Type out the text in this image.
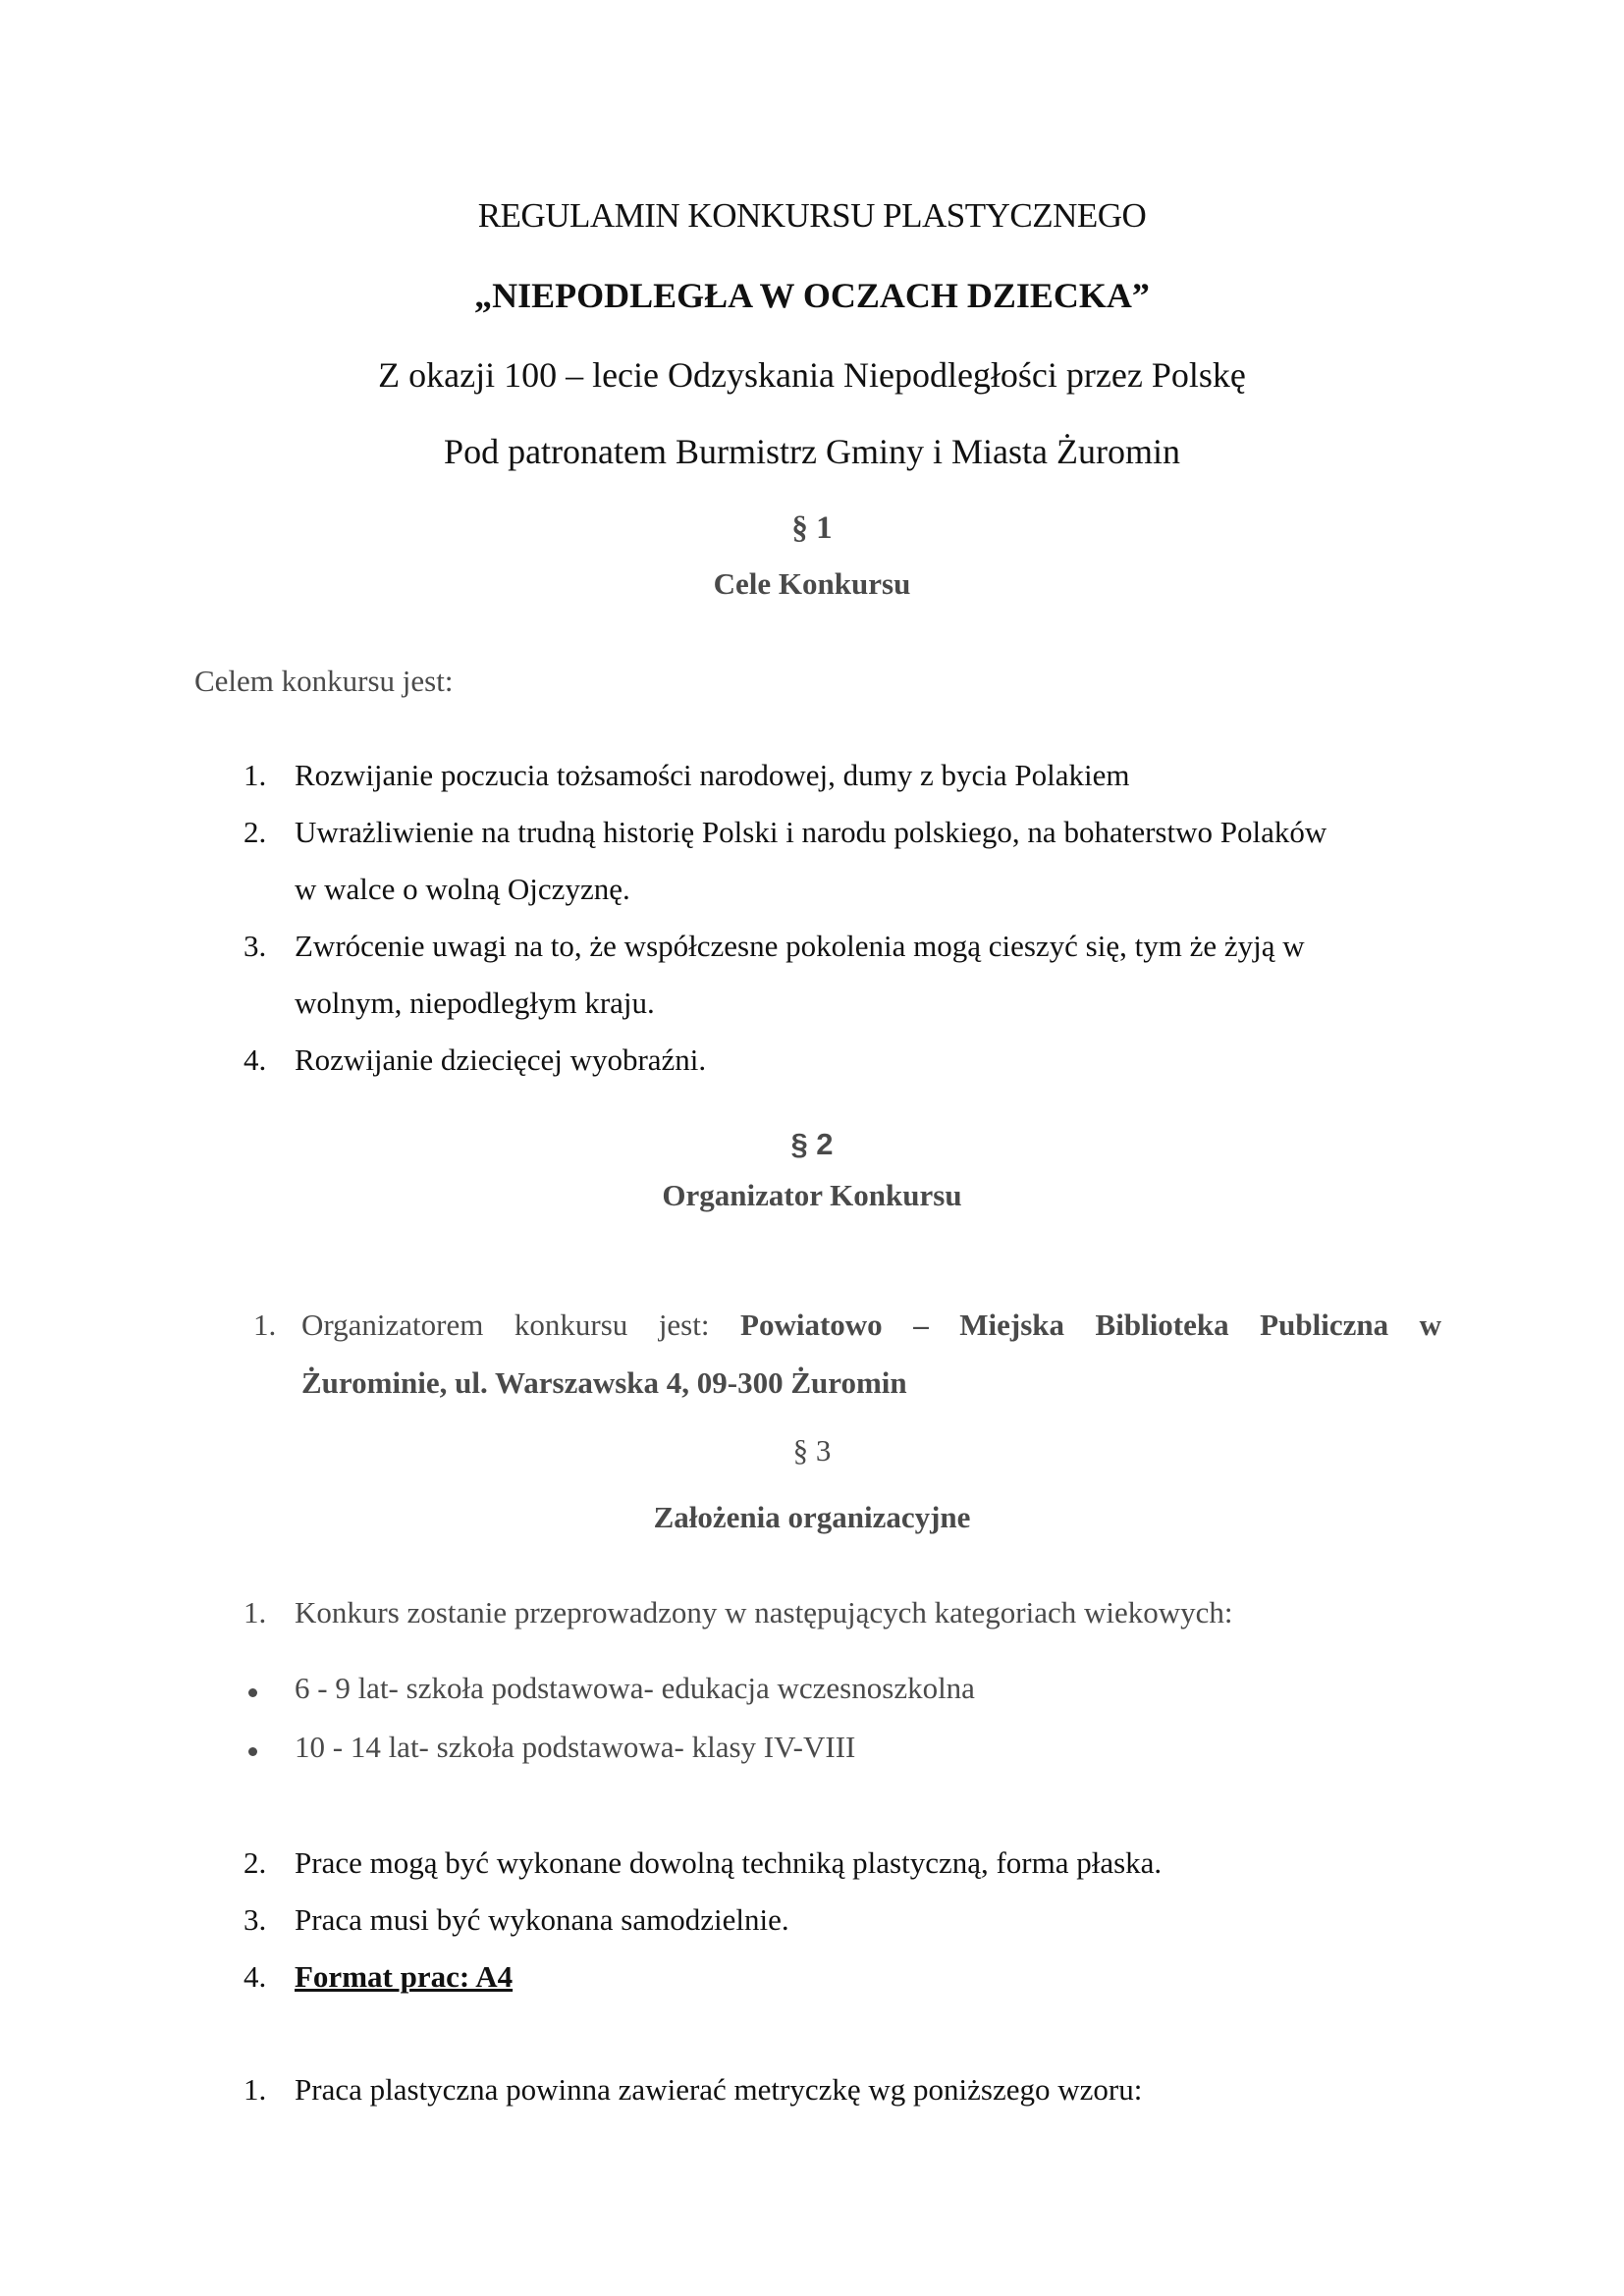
REGULAMIN KONKURSU PLASTYCZNEGO
„NIEPODLEGŁA W OCZACH DZIECKA”
Z okazji 100 – lecie Odzyskania Niepodległości przez Polskę
Pod patronatem Burmistrz Gminy i Miasta Żuromin
§ 1
Cele Konkursu
Celem konkursu jest:
1. Rozwijanie poczucia tożsamości narodowej, dumy z bycia Polakiem
2. Uwrażliwienie na trudną historię Polski i narodu polskiego, na bohaterstwo Polaków
w walce o wolną Ojczyznę.
3. Zwrócenie uwagi na to, że współczesne pokolenia mogą cieszyć się, tym że żyją w
wolnym, niepodległym kraju.
4. Rozwijanie dziecięcej wyobraźni.
§ 2
Organizator Konkursu
1. Organizatorem konkursu jest: Powiatowo – Miejska Biblioteka Publiczna w
Żurominie, ul. Warszawska 4, 09-300 Żuromin
§ 3
Założenia organizacyjne
1. Konkurs zostanie przeprowadzony w następujących kategoriach wiekowych:
6 - 9 lat- szkoła podstawowa- edukacja wczesnoszkolna
10 - 14 lat- szkoła podstawowa- klasy IV-VIII
2. Prace mogą być wykonane dowolną techniką plastyczną, forma płaska.
3. Praca musi być wykonana samodzielnie.
4. Format prac: A4
1. Praca plastyczna powinna zawierać metryczkę wg poniższego wzoru:
